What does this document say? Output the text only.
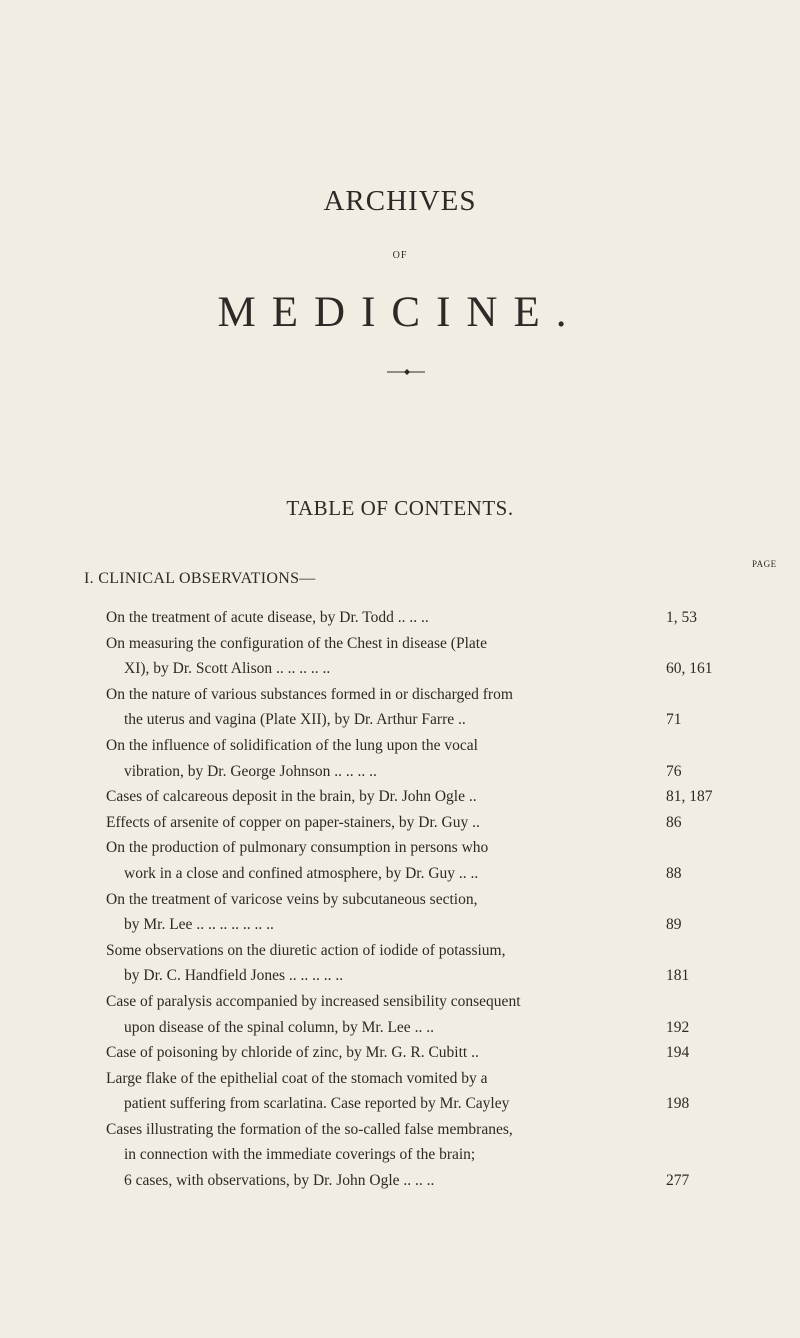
ARCHIVES
OF
MEDICINE.
TABLE OF CONTENTS.
PAGE
I. CLINICAL OBSERVATIONS—
On the treatment of acute disease, by Dr. Todd .. .. ..	1, 53
On measuring the configuration of the Chest in disease (Plate
XI), by Dr. Scott Alison .. .. .. .. ..	60, 161
On the nature of various substances formed in or discharged from
the uterus and vagina (Plate XII), by Dr. Arthur Farre ..	71
On the influence of solidification of the lung upon the vocal
vibration, by Dr. George Johnson .. .. .. ..	76
Cases of calcareous deposit in the brain, by Dr. John Ogle ..	81, 187
Effects of arsenite of copper on paper-stainers, by Dr. Guy ..	86
On the production of pulmonary consumption in persons who
work in a close and confined atmosphere, by Dr. Guy .. ..	88
On the treatment of varicose veins by subcutaneous section,
by Mr. Lee .. .. .. .. .. .. ..	89
Some observations on the diuretic action of iodide of potassium,
by Dr. C. Handfield Jones .. .. .. .. ..	181
Case of paralysis accompanied by increased sensibility consequent
upon disease of the spinal column, by Mr. Lee .. ..	192
Case of poisoning by chloride of zinc, by Mr. G. R. Cubitt ..	194
Large flake of the epithelial coat of the stomach vomited by a
patient suffering from scarlatina. Case reported by Mr. Cayley	198
Cases illustrating the formation of the so-called false membranes,
in connection with the immediate coverings of the brain;
6 cases, with observations, by Dr. John Ogle .. .. ..	277
